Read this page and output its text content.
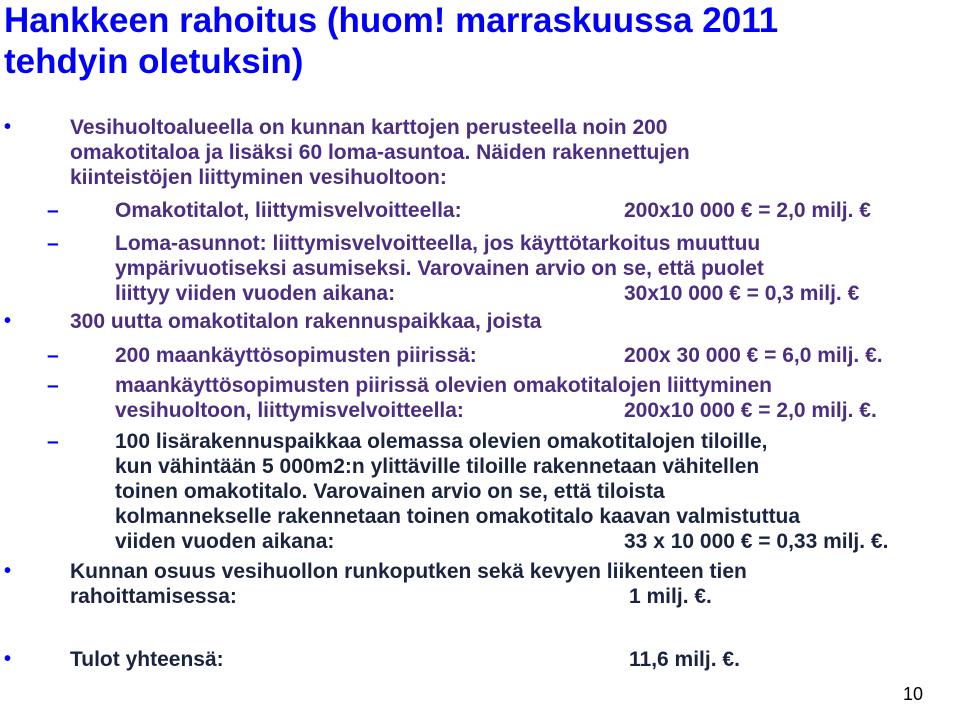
Hankkeen rahoitus (huom! marraskuussa 2011
tehdyin oletuksin)
•	Vesihuoltoalueella on kunnan karttojen perusteella noin 200
omakotitaloa ja lisäksi 60 loma-asuntoa. Näiden rakennettujen
kiinteistöjen liittyminen vesihuoltoon:
–	Omakotitalot, liittymisvelvoitteella:	200x10 000 € = 2,0 milj. €
–	Loma-asunnot: liittymisvelvoitteella, jos käyttötarkoitus muuttuu
ympärivuotiseksi asumiseksi. Varovainen arvio on se, että puolet
liittyy viiden vuoden aikana:	30x10 000 € = 0,3 milj. €
•	300 uutta omakotitalon rakennuspaikkaa, joista
–	200 maankäyttösopimusten piirissä:	200x 30 000 € = 6,0 milj. €.
–	maankäyttösopimusten piirissä olevien omakotitalojen liittyminen
vesihuoltoon, liittymisvelvoitteella:	200x10 000 € = 2,0 milj. €.
–	100 lisärakennuspaikkaa olemassa olevien omakotitalojen tiloille,
kun vähintään 5 000m2:n ylittäville tiloille rakennetaan vähitellen
toinen omakotitalo. Varovainen arvio on se, että tiloista
kolmannekselle rakennetaan toinen omakotitalo kaavan valmistuttua
viiden vuoden aikana:	33 x 10 000 € = 0,33 milj. €.
•	Kunnan osuus vesihuollon runkoputken sekä kevyen liikenteen tien
rahoittamisessa:	1 milj. €.
•	Tulot yhteensä:	11,6 milj. €.
10
